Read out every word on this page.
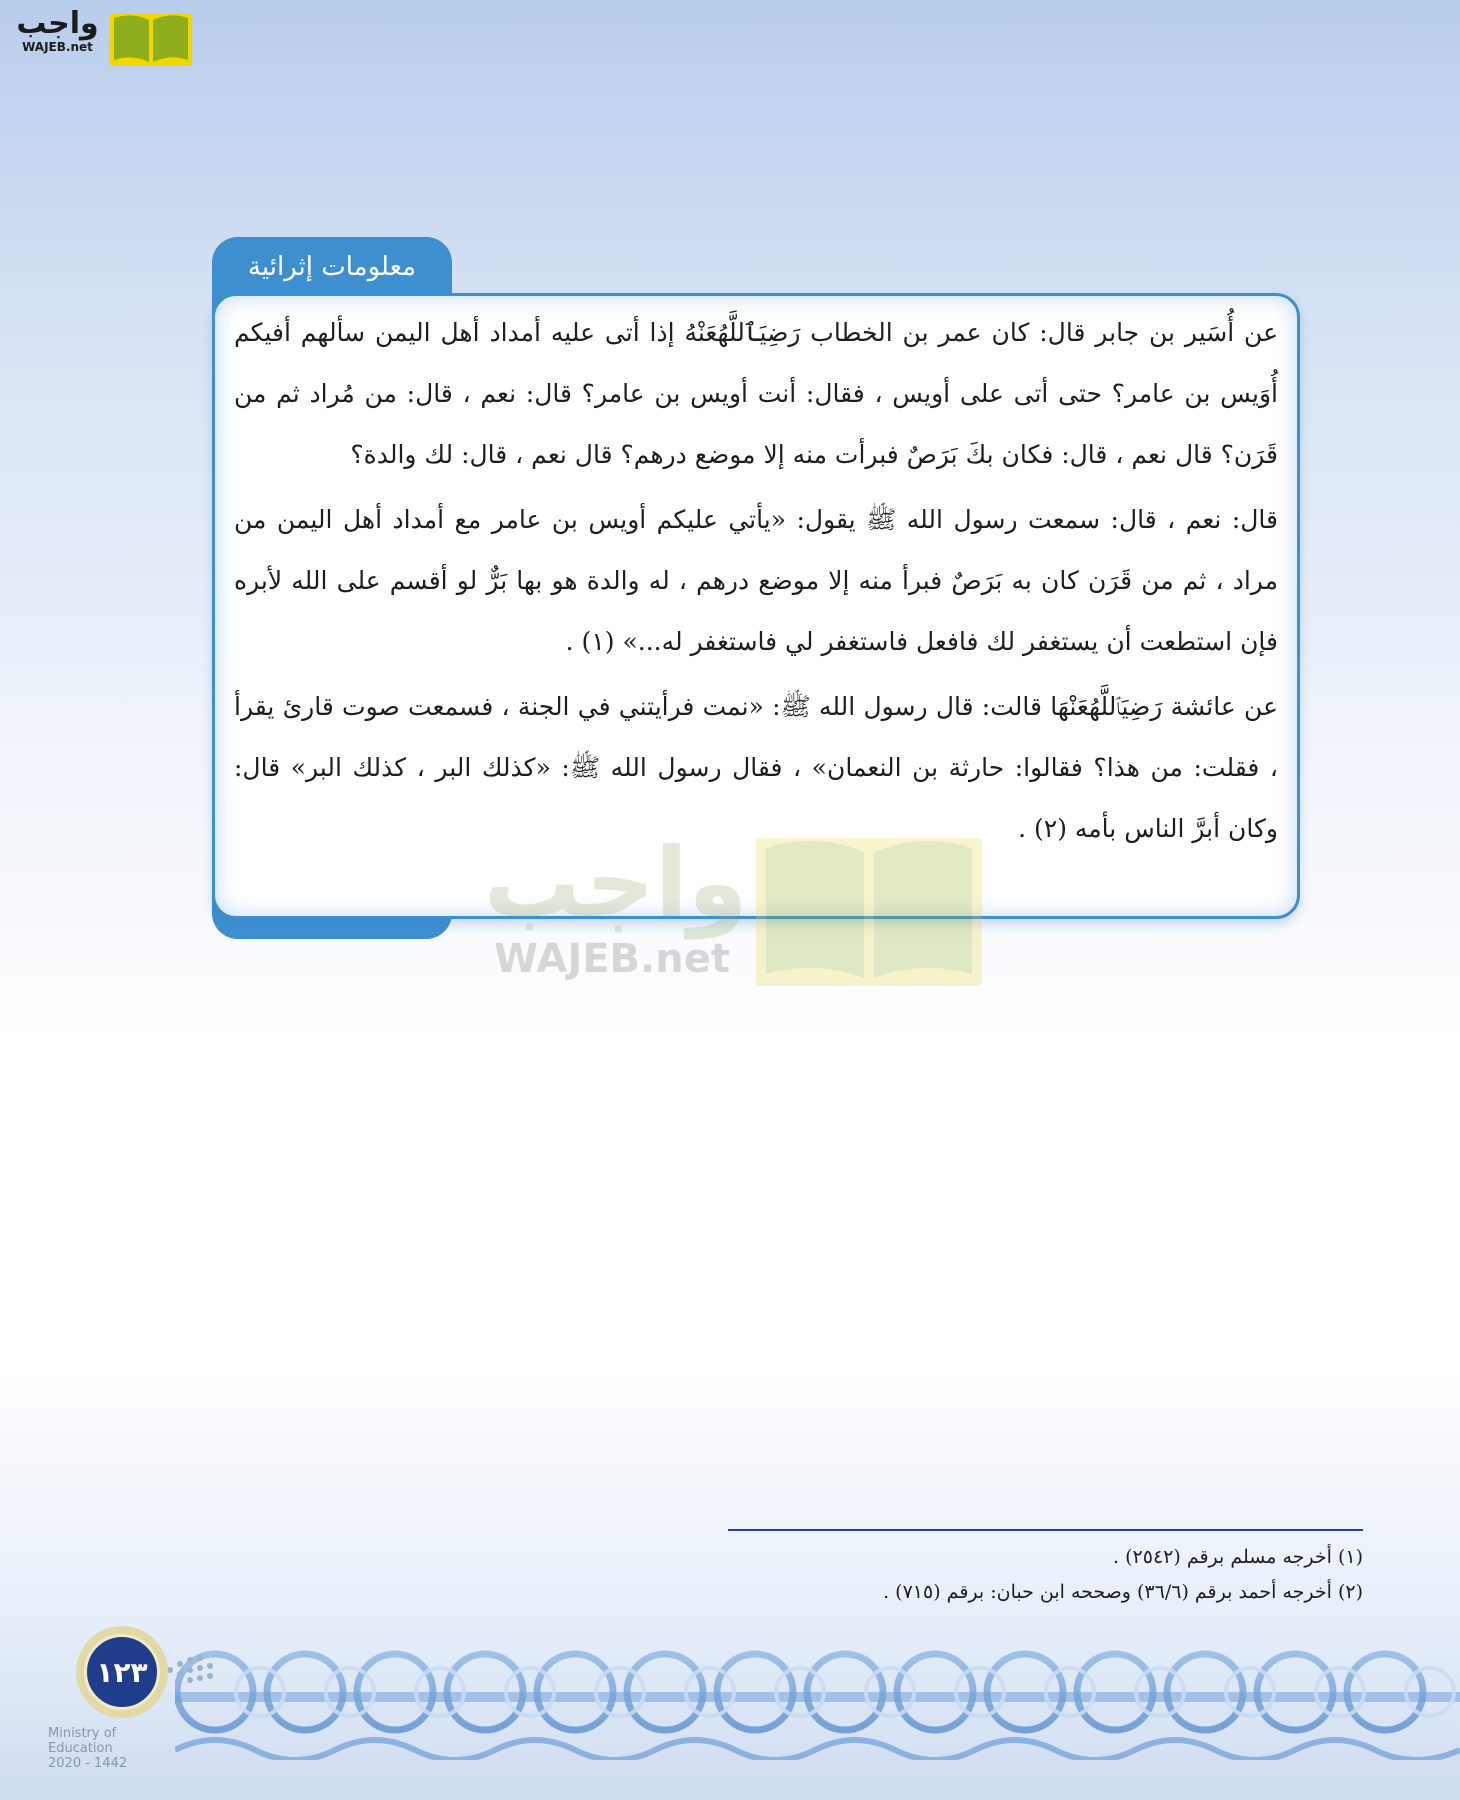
واجب
WAJEB.net
معلومات إثرائية

عن أُسَير بن جابر قال: كان عمر بن الخطاب رَضِيَٱللَّهُعَنْهُ إذا أتى عليه أمداد أهل اليمن سألهم أفيكم أُوَيس بن عامر؟ حتى أتى على أويس ، فقال: أنت أويس بن عامر؟ قال: نعم ، قال: من مُراد ثم من قَرَن؟ قال نعم ، قال: فكان بكَ بَرَصٌ فبرأت منه إلا موضع درهم؟ قال نعم ، قال: لك والدة؟

قال: نعم ، قال: سمعت رسول الله ﷺ يقول: «يأتي عليكم أويس بن عامر مع أمداد أهل اليمن من مراد ، ثم من قَرَن كان به بَرَصٌ فبرأ منه إلا موضع درهم ، له والدة هو بها بَرٌّ لو أقسم على الله لأبره فإن استطعت أن يستغفر لك فافعل فاستغفر لي فاستغفر له...» (١) .

عن عائشة رَضِيَٱللَّهُعَنْهَا قالت: قال رسول الله ﷺ: «نمت فرأيتني في الجنة ، فسمعت صوت قارئ يقرأ ، فقلت: من هذا؟ فقالوا: حارثة بن النعمان» ، فقال رسول الله ﷺ: «كذلك البر ، كذلك البر» قال: وكان أبرَّ الناس بأمه (٢) .

واجب
WAJEB.net
(١) أخرجه مسلم برقم (٢٥٤٢) .
(٢) أخرجه أحمد برقم (٣٦/٦) وصححه ابن حبان: برقم (٧١٥) .
١٢٣
Ministry of Education
2020 - 1442
